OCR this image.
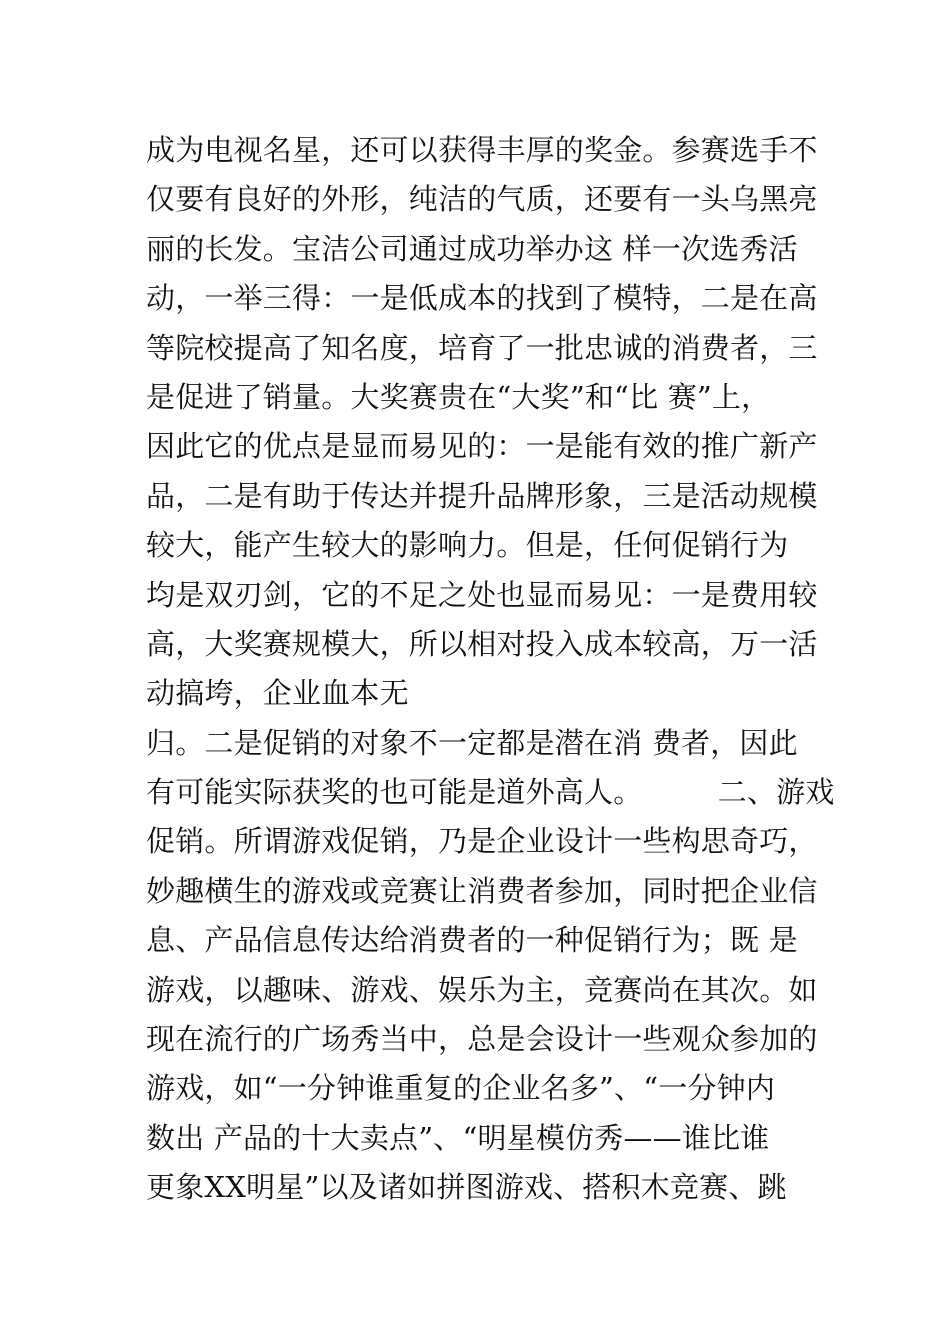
成为电视名星，还可以获得丰厚的奖金。参赛选手不
仅要有良好的外形，纯洁的气质，还要有一头乌黑亮
丽的长发。宝洁公司通过成功举办这 样一次选秀活
动，一举三得：一是低成本的找到了模特，二是在高
等院校提高了知名度，培育了一批忠诚的消费者，三
是促进了销量。大奖赛贵在“大奖”和“比 赛”上，
因此它的优点是显而易见的：一是能有效的推广新产
品，二是有助于传达并提升品牌形象，三是活动规模
较大，能产生较大的影响力。但是，任何促销行为
均是双刃剑，它的不足之处也显而易见：一是费用较
高，大奖赛规模大，所以相对投入成本较高，万一活
动搞垮，企业血本无
归。二是促销的对象不一定都是潜在消 费者，因此
有可能实际获奖的也可能是道外高人。        二、游戏
促销。所谓游戏促销，乃是企业设计一些构思奇巧，
妙趣横生的游戏或竞赛让消费者参加，同时把企业信
息、产品信息传达给消费者的一种促销行为；既 是
游戏，以趣味、游戏、娱乐为主，竞赛尚在其次。如
现在流行的广场秀当中，总是会设计一些观众参加的
游戏，如“一分钟谁重复的企业名多”、“一分钟内
数出 产品的十大卖点”、“明星模仿秀——谁比谁
更象XX明星”以及诸如拼图游戏、搭积木竞赛、跳
